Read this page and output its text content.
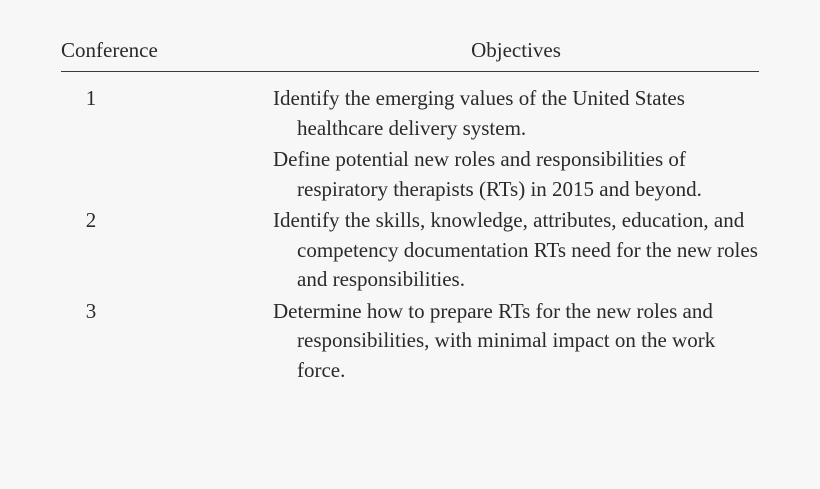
Conference	Objectives
1	Identify the emerging values of the United States healthcare delivery system.
Define potential new roles and responsibilities of respiratory therapists (RTs) in 2015 and beyond.
2	Identify the skills, knowledge, attributes, education, and competency documentation RTs need for the new roles and responsibilities.
3	Determine how to prepare RTs for the new roles and responsibilities, with minimal impact on the work force.
